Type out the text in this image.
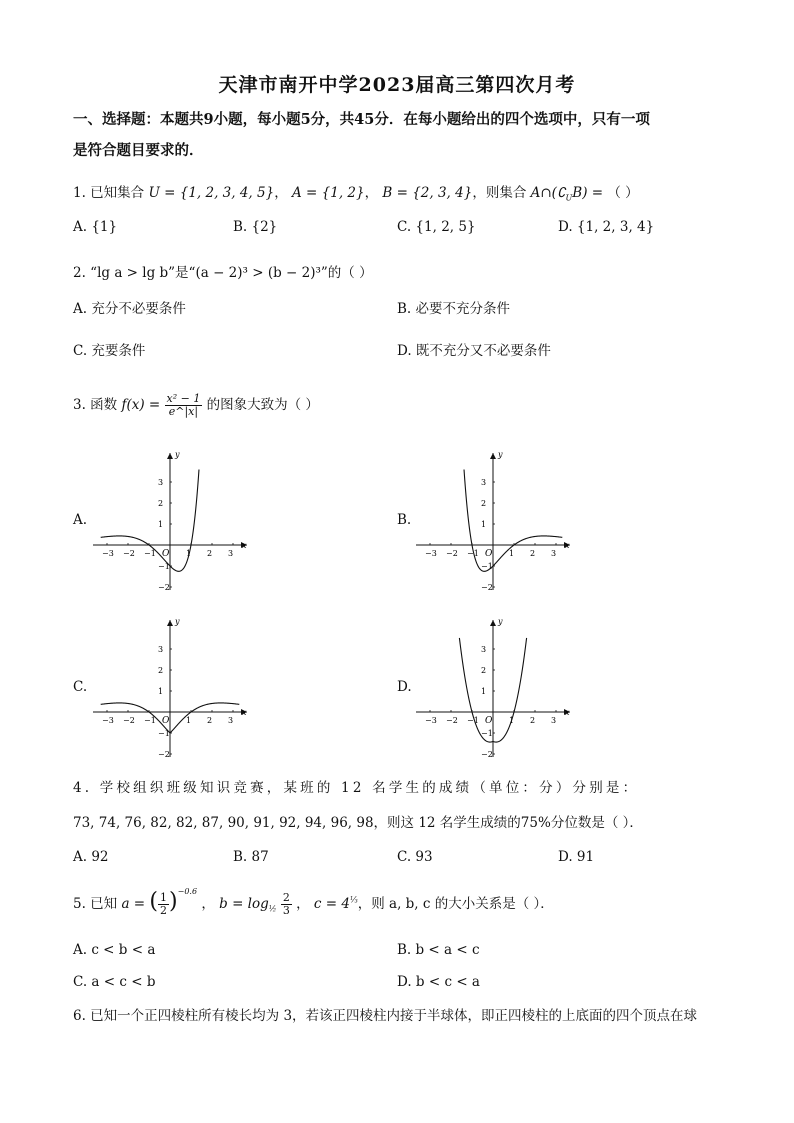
天津市南开中学2023届高三第四次月考
一、选择题：本题共9小题，每小题5分，共45分．在每小题给出的四个选项中，只有一项
是符合题目要求的．
1. 已知集合 U = {1, 2, 3, 4, 5}， A = {1, 2}， B = {2, 3, 4}，则集合 $A\cap(∁_UB)$ = （ ）
A. {1}	B. {2}	C. {1, 2, 5}	D. {1, 2, 3, 4}
2. “lg a > lg b”是“(a − 2)³ > (b − 2)³”的（ ）
A. 充分不必要条件	B. 必要不充分条件
C. 充要条件	D. 既不充分又不必要条件
3. 函数 $f(x) = \frac{\text{x² − 1}}{e\^{}|x|}$ 的图象大致为（ ）
A.	B.
C.	D.
x
y
O
−3 −2 −1	1 2 3
3
2
1
−1
−2
x
y
O
−3 −2 −1	1 2 3
3
2
1
−1
−2
x
y
O
−3 −2 −1	1 2 3
3
2
1
−1
−2
x
y
O
−3 −2 −1	1 2 3
3
2
1
−1
−2
4. 学校组织班级知识竞赛，某班的 12 名学生的成绩（单位：分）分别是：
73, 74, 76, 82, 82, 87, 90, 91, 92, 94, 96, 98，则这 12 名学生成绩的75%分位数是（ ）．
A. 92	B. 87	C. 93	D. 91
5. 已知 a = ( $\frac{1}{2} )^{-0.6}$ ， $b = \log_{\frac{1}{2}} \frac{2}{3}$ ， $c = 4^{\frac{1}{3}}$，则 a, b, c 的大小关系是（ ）．
A. c < b < a	B. b < a < c
C. a < c < b	D. b < c < a
6. 已知一个正四棱柱所有棱长均为 3，若该正四棱柱内接于半球体，即正四棱柱的上底面的四个顶点在球
